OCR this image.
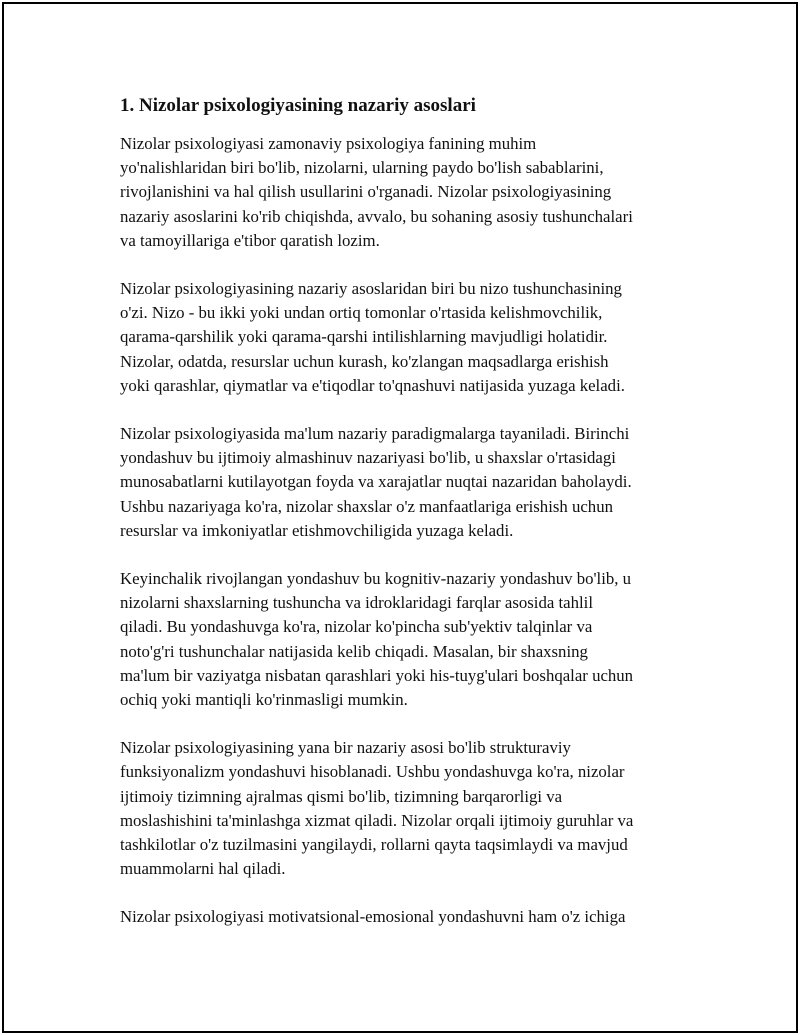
1. Nizolar psixologiyasining nazariy asoslari
Nizolar psixologiyasi zamonaviy psixologiya fanining muhim
yo'nalishlaridan biri bo'lib, nizolarni, ularning paydo bo'lish sabablarini,
rivojlanishini va hal qilish usullarini o'rganadi. Nizolar psixologiyasining
nazariy asoslarini ko'rib chiqishda, avvalo, bu sohaning asosiy tushunchalari
va tamoyillariga e'tibor qaratish lozim.
Nizolar psixologiyasining nazariy asoslaridan biri bu nizo tushunchasining
o'zi. Nizo - bu ikki yoki undan ortiq tomonlar o'rtasida kelishmovchilik,
qarama-qarshilik yoki qarama-qarshi intilishlarning mavjudligi holatidir.
Nizolar, odatda, resurslar uchun kurash, ko'zlangan maqsadlarga erishish
yoki qarashlar, qiymatlar va e'tiqodlar to'qnashuvi natijasida yuzaga keladi.
Nizolar psixologiyasida ma'lum nazariy paradigmalarga tayaniladi. Birinchi
yondashuv bu ijtimoiy almashinuv nazariyasi bo'lib, u shaxslar o'rtasidagi
munosabatlarni kutilayotgan foyda va xarajatlar nuqtai nazaridan baholaydi.
Ushbu nazariyaga ko'ra, nizolar shaxslar o'z manfaatlariga erishish uchun
resurslar va imkoniyatlar etishmovchiligida yuzaga keladi.
Keyinchalik rivojlangan yondashuv bu kognitiv-nazariy yondashuv bo'lib, u
nizolarni shaxslarning tushuncha va idroklaridagi farqlar asosida tahlil
qiladi. Bu yondashuvga ko'ra, nizolar ko'pincha sub'yektiv talqinlar va
noto'g'ri tushunchalar natijasida kelib chiqadi. Masalan, bir shaxsning
ma'lum bir vaziyatga nisbatan qarashlari yoki his-tuyg'ulari boshqalar uchun
ochiq yoki mantiqli ko'rinmasligi mumkin.
Nizolar psixologiyasining yana bir nazariy asosi bo'lib strukturaviy
funksiyonalizm yondashuvi hisoblanadi. Ushbu yondashuvga ko'ra, nizolar
ijtimoiy tizimning ajralmas qismi bo'lib, tizimning barqarorligi va
moslashishini ta'minlashga xizmat qiladi. Nizolar orqali ijtimoiy guruhlar va
tashkilotlar o'z tuzilmasini yangilaydi, rollarni qayta taqsimlaydi va mavjud
muammolarni hal qiladi.
Nizolar psixologiyasi motivatsional-emosional yondashuvni ham o'z ichiga
